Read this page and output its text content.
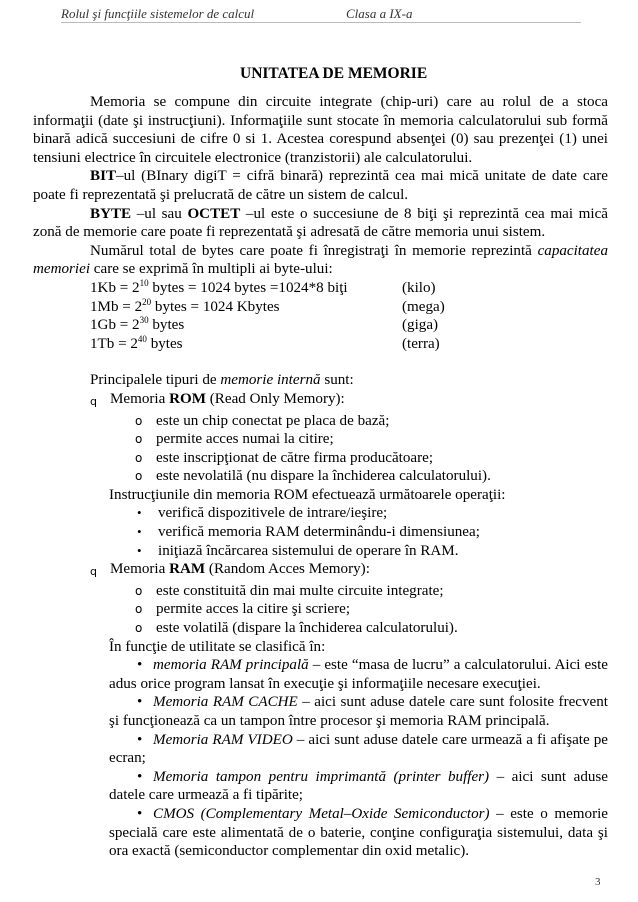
Rolul şi funcţiile sistemelor de calcul	Clasa a IX-a
UNITATEA DE MEMORIE

Memoria se compune din circuite integrate (chip-uri) care au rolul de a stoca informaţii (date şi instrucţiuni). Informaţiile sunt stocate în memoria calculatorului sub formă binară adică succesiuni de cifre 0 si 1. Acestea corespund absenţei (0) sau prezenţei (1) unei tensiuni electrice în circuitele electronice (tranzistorii) ale calculatorului.

BIT–ul (BInary digiT = cifră binară) reprezintă cea mai mică unitate de date care poate fi reprezentată şi prelucrată de către un sistem de calcul.

BYTE –ul sau OCTET –ul este o succesiune de 8 biţi şi reprezintă cea mai mică zonă de memorie care poate fi reprezentată şi adresată de către memoria unui sistem.

Numărul total de bytes care poate fi înregistraţi în memorie reprezintă capacitatea memoriei care se exprimă în multipli ai byte-ului:

$1Kb = 2^{10}$ bytes = 1024 bytes =1024*8 biţi	(kilo)
$1Mb = 2^{20}$ bytes = 1024 Kbytes	(mega)
$1Gb = 2^{30}$ bytes	(giga)
$1Tb = 2^{40}$ bytes	(terra)

Principalele tipuri de memorie internă sunt:

q Memoria ROM (Read Only Memory):
o este un chip conectat pe placa de bază;
o permite acces numai la citire;
o este inscripţionat de către firma producătoare;
o este nevolatilă (nu dispare la închiderea calculatorului).

Instrucţiunile din memoria ROM efectuează următoarele operaţii:

•	verifică dispozitivele de intrare/ieşire;
•	verifică memoria RAM determinându-i dimensiunea;
•	iniţiază încărcarea sistemului de operare în RAM.
q Memoria RAM (Random Acces Memory):
o este constituită din mai multe circuite integrate;
o permite acces la citire şi scriere;
o este volatilă (dispare la închiderea calculatorului).

În funcţie de utilitate se clasifică în:

• memoria RAM principală – este “masa de lucru” a calculatorului. Aici este adus orice program lansat în execuţie şi informaţiile necesare execuţiei.

• Memoria RAM CACHE – aici sunt aduse datele care sunt folosite frecvent şi funcţionează ca un tampon între procesor şi memoria RAM principală.

• Memoria RAM VIDEO – aici sunt aduse datele care urmează a fi afişate pe ecran;

• Memoria tampon pentru imprimantă (printer buffer) – aici sunt aduse datele care urmează a fi tipărite;

• CMOS (Complementary Metal–Oxide Semiconductor) – este o memorie specială care este alimentată de o baterie, conţine configuraţia sistemului, data şi ora exactă (semiconductor complementar din oxid metalic).

3
